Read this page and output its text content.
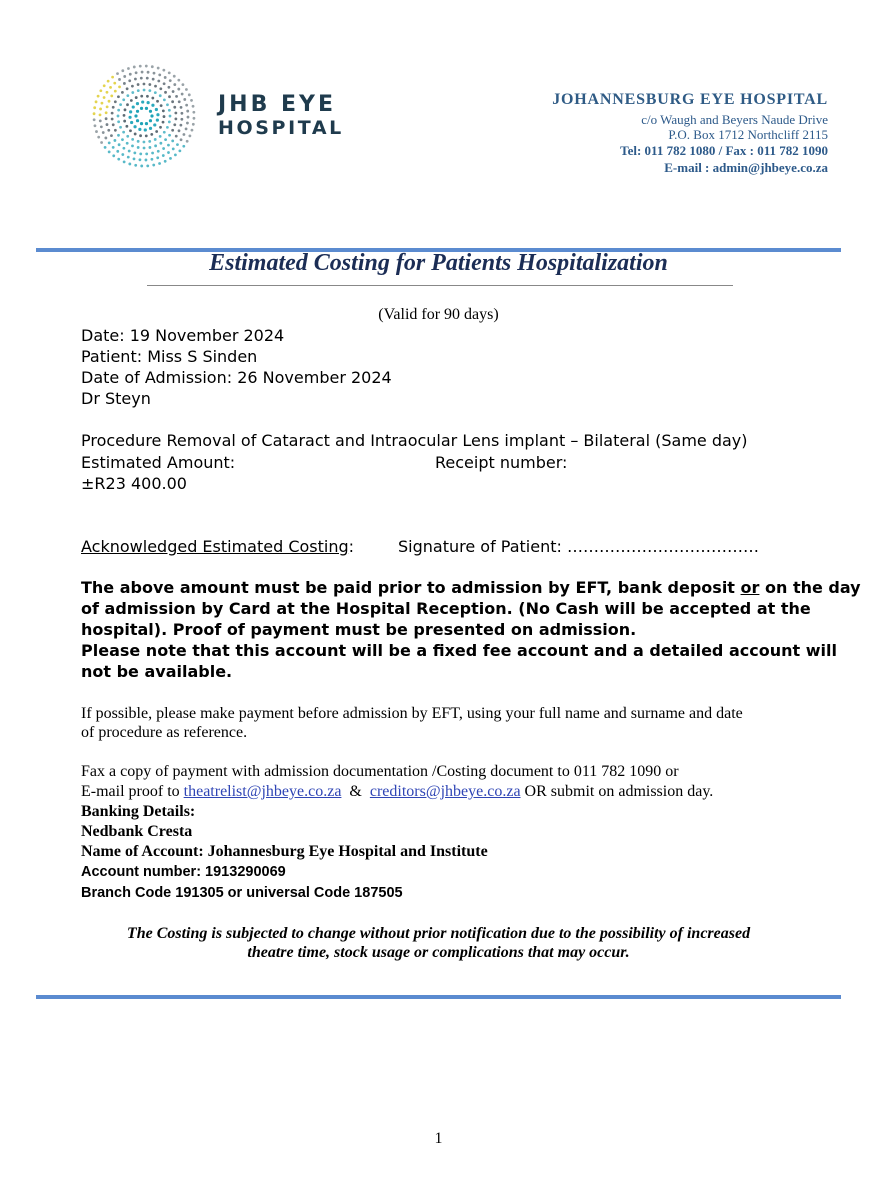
JHB EYE
HOSPITAL
JOHANNESBURG EYE HOSPITAL
c/o Waugh and Beyers Naude Drive
P.O. Box 1712 Northcliff 2115
Tel: 011 782 1080 / Fax : 011 782 1090
E-mail : admin@jhbeye.co.za
Estimated Costing for Patients Hospitalization
(Valid for 90 days)
Date: 19 November 2024
Patient: Miss S Sinden
Date of Admission: 26 November 2024
Dr Steyn
Procedure Removal of Cataract and Intraocular Lens implant – Bilateral (Same day)
Estimated Amount:	Receipt number:
±R23 400.00
Acknowledged Estimated Costing:	Signature of Patient: ………………………………
The above amount must be paid prior to admission by EFT, bank deposit or on the day
of admission by Card at the Hospital Reception. (No Cash will be accepted at the
hospital). Proof of payment must be presented on admission.
Please note that this account will be a fixed fee account and a detailed account will
not be available.
If possible, please make payment before admission by EFT, using your full name and surname and date
of procedure as reference.
Fax a copy of payment with admission documentation /Costing document to 011 782 1090 or
E-mail proof to theatrelist@jhbeye.co.za  &  creditors@jhbeye.co.za OR submit on admission day.
Banking Details:
Nedbank Cresta
Name of Account: Johannesburg Eye Hospital and Institute
Account number: 1913290069
Branch Code 191305 or universal Code 187505
The Costing is subjected to change without prior notification due to the possibility of increased
theatre time, stock usage or complications that may occur.
1
